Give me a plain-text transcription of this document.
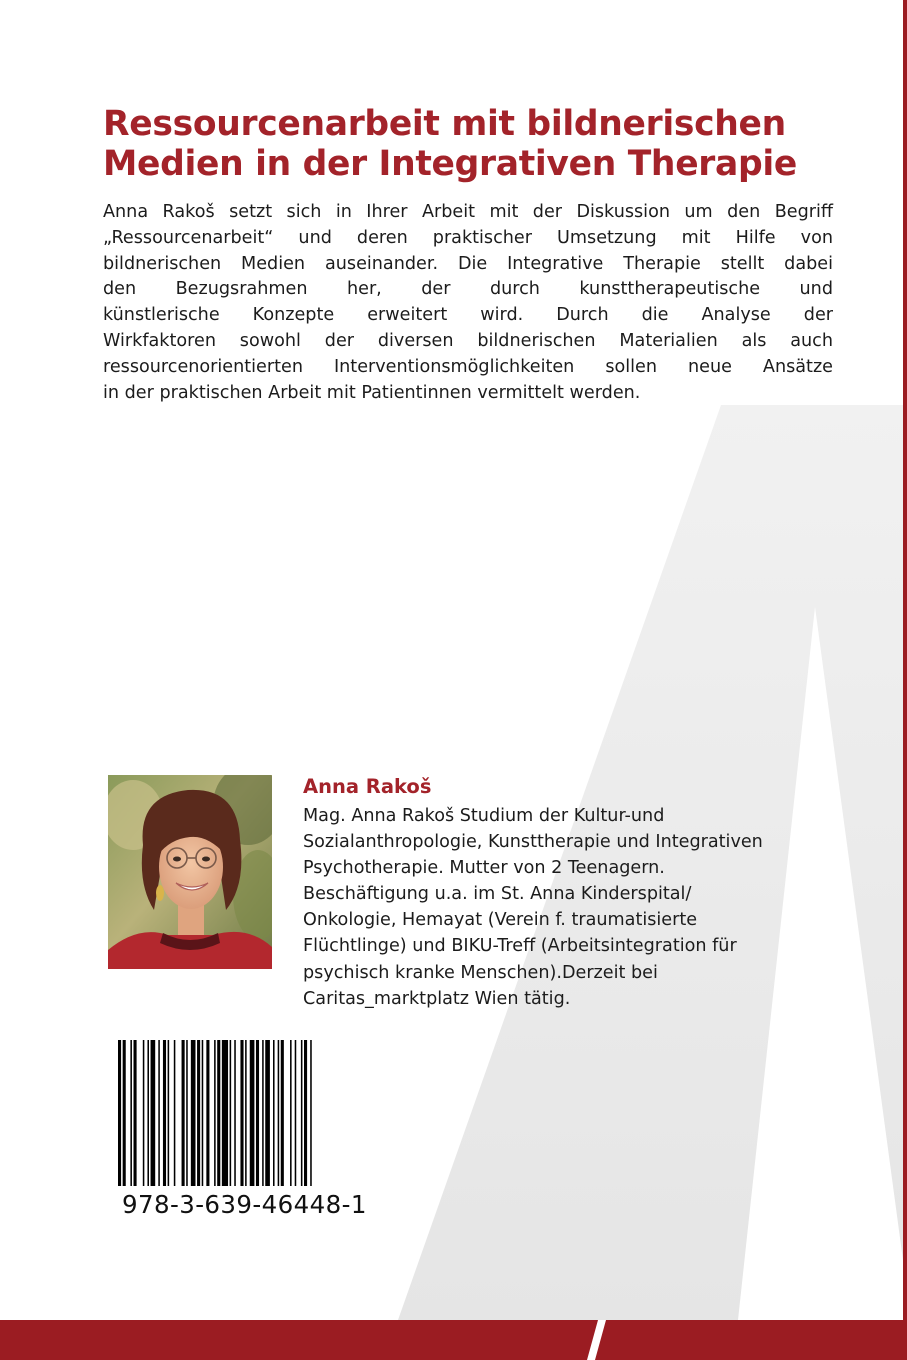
Ressourcenarbeit mit bildnerischen
Medien in der Integrativen Therapie

Anna Rakoš setzt sich in Ihrer Arbeit mit der Diskussion um den Begriff
„Ressourcenarbeit“ und deren praktischer Umsetzung mit Hilfe von
bildnerischen Medien auseinander. Die Integrative Therapie stellt dabei
den Bezugsrahmen her, der durch kunsttherapeutische und
künstlerische Konzepte erweitert wird. Durch die Analyse der
Wirkfaktoren sowohl der diversen bildnerischen Materialien als auch
ressourcenorientierten Interventionsmöglichkeiten sollen neue Ansätze
in der praktischen Arbeit mit Patientinnen vermittelt werden.

Anna Rakoš

Mag. Anna Rakoš Studium der Kultur-und
Sozialanthropologie, Kunsttherapie und Integrativen
Psychotherapie. Mutter von 2 Teenagern.
Beschäftigung u.a. im St. Anna Kinderspital/
Onkologie, Hemayat (Verein f. traumatisierte
Flüchtlinge) und BIKU-Treff (Arbeitsintegration für
psychisch kranke Menschen).Derzeit bei
Caritas_marktplatz Wien tätig.

978-3-639-46448-1
